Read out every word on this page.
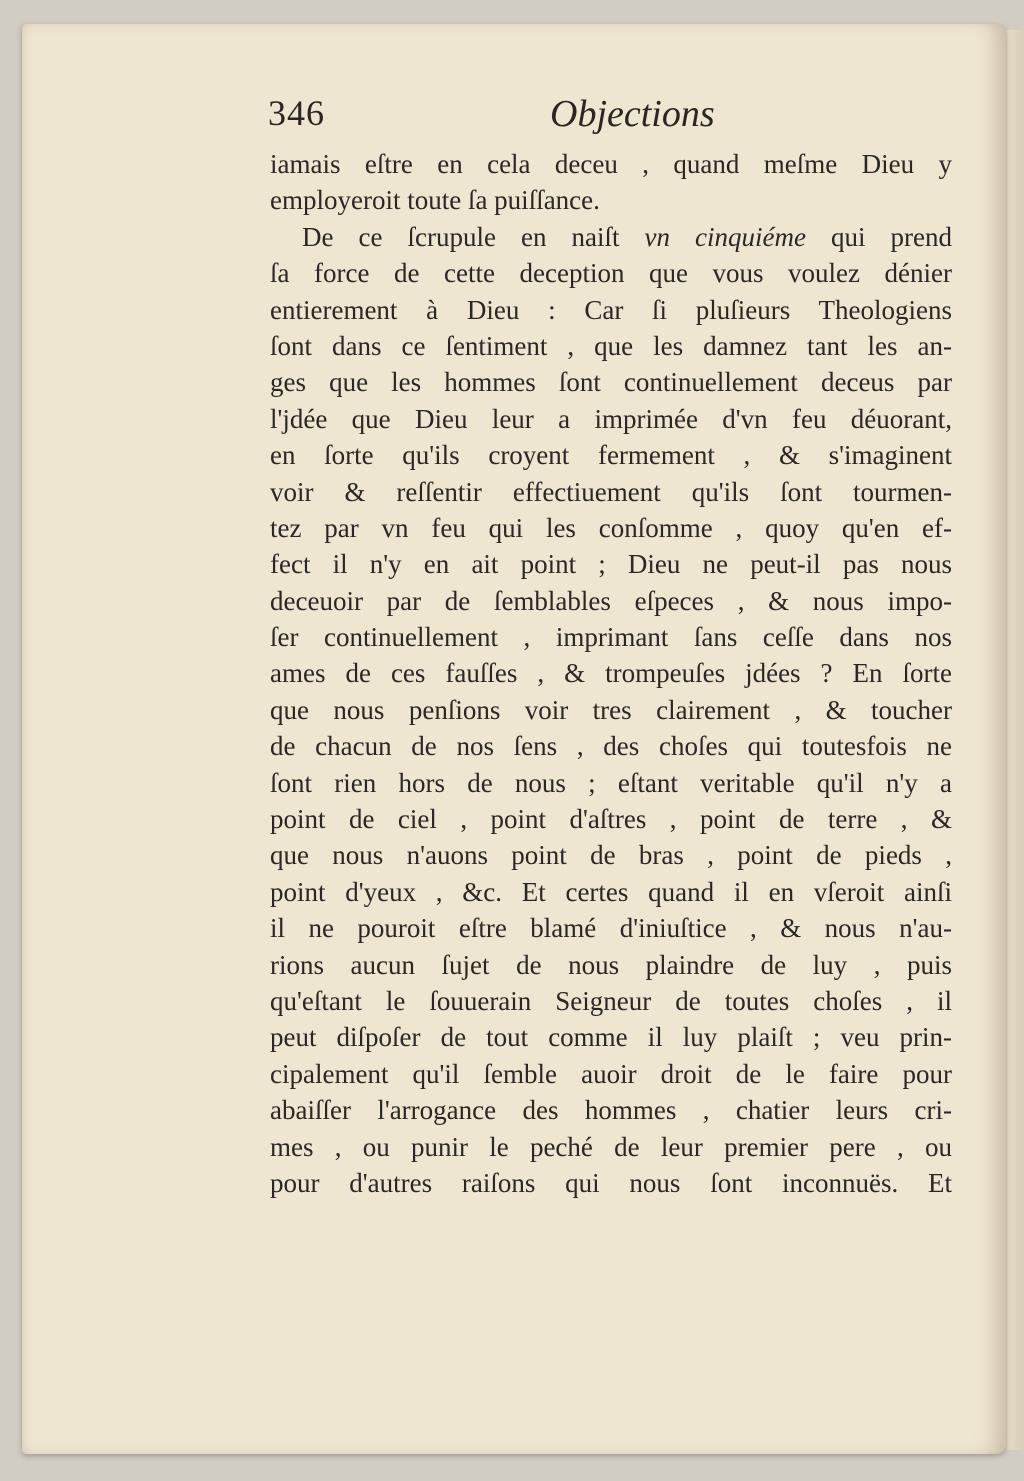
346	Objections
iamais eſtre en cela deceu , quand meſme Dieu y
employeroit toute ſa puiſſance.
De ce ſcrupule en naiſt vn cinquiéme qui prend
ſa force de cette deception que vous voulez dénier
entierement à Dieu : Car ſi pluſieurs Theologiens
ſont dans ce ſentiment , que les damnez tant les an-
ges que les hommes ſont continuellement deceus par
l'jdée que Dieu leur a imprimée d'vn feu déuorant,
en ſorte qu'ils croyent fermement , & s'imaginent
voir & reſſentir effectiuement qu'ils ſont tourmen-
tez par vn feu qui les conſomme , quoy qu'en ef-
fect il n'y en ait point ; Dieu ne peut-il pas nous
deceuoir par de ſemblables eſpeces , & nous impo-
ſer continuellement , imprimant ſans ceſſe dans nos
ames de ces fauſſes , & trompeuſes jdées ? En ſorte
que nous penſions voir tres clairement , & toucher
de chacun de nos ſens , des choſes qui toutesfois ne
ſont rien hors de nous ; eſtant veritable qu'il n'y a
point de ciel , point d'aſtres , point de terre , &
que nous n'auons point de bras , point de pieds ,
point d'yeux , &c. Et certes quand il en vſeroit ainſi
il ne pouroit eſtre blamé d'iniuſtice , & nous n'au-
rions aucun ſujet de nous plaindre de luy , puis
qu'eſtant le ſouuerain Seigneur de toutes choſes , il
peut diſpoſer de tout comme il luy plaiſt ; veu prin-
cipalement qu'il ſemble auoir droit de le faire pour
abaiſſer l'arrogance des hommes , chatier leurs cri-
mes , ou punir le peché de leur premier pere , ou
pour d'autres raiſons qui nous ſont inconnuës. Et
